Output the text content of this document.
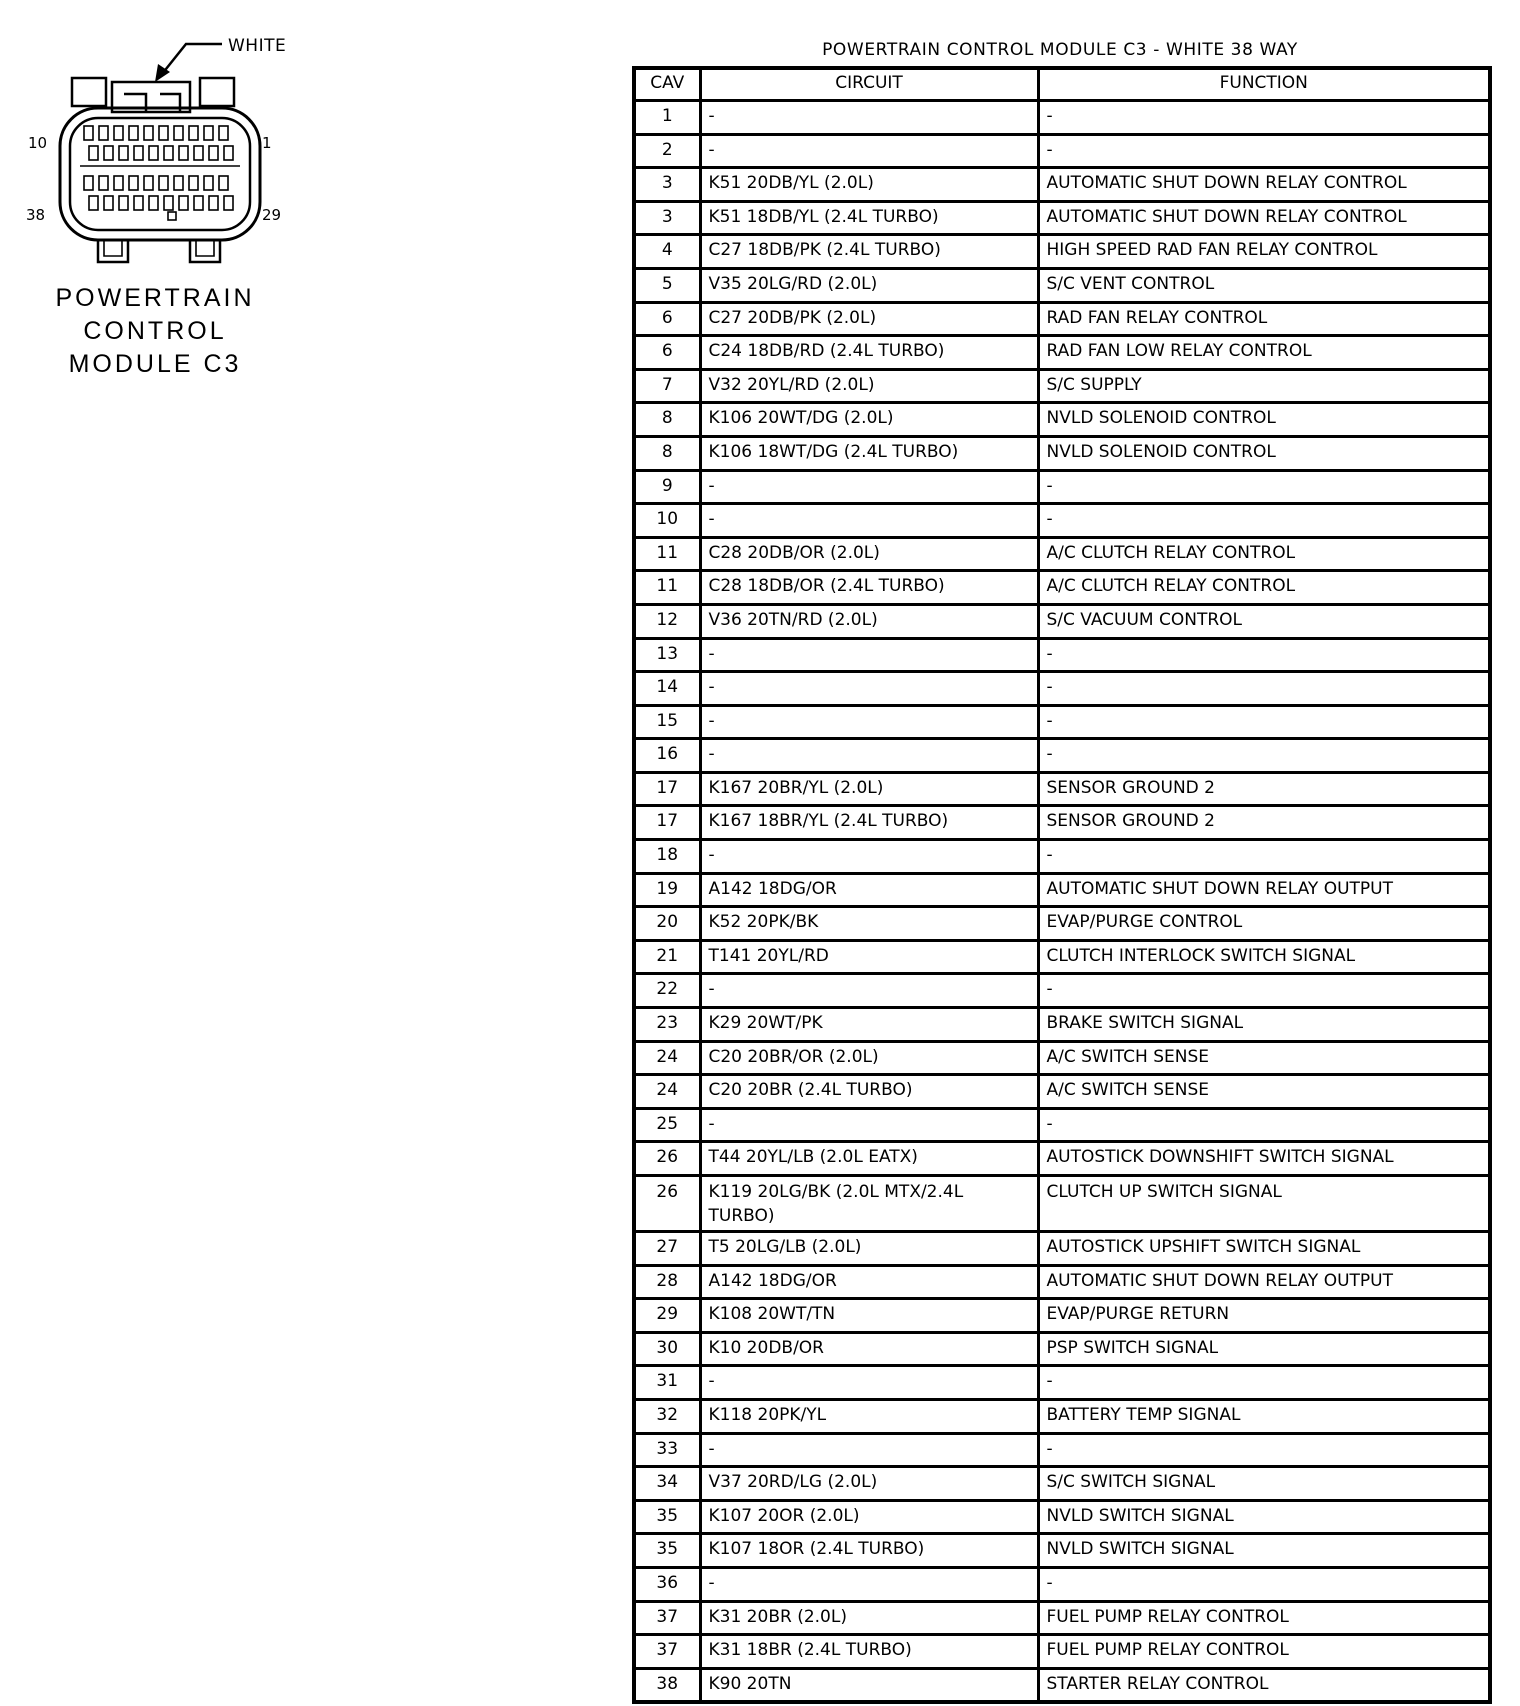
WHITE
10	1
38	29
POWERTRAIN
CONTROL
MODULE C3
POWERTRAIN CONTROL MODULE C3 - WHITE 38 WAY
CAV	CIRCUIT	FUNCTION
1	-	-

2	-	-

3	K51 20DB/YL (2.0L)	AUTOMATIC SHUT DOWN RELAY CONTROL

3	K51 18DB/YL (2.4L TURBO)	AUTOMATIC SHUT DOWN RELAY CONTROL

4	C27 18DB/PK (2.4L TURBO)	HIGH SPEED RAD FAN RELAY CONTROL

5	V35 20LG/RD (2.0L)	S/C VENT CONTROL

6	C27 20DB/PK (2.0L)	RAD FAN RELAY CONTROL

6	C24 18DB/RD (2.4L TURBO)	RAD FAN LOW RELAY CONTROL

7	V32 20YL/RD (2.0L)	S/C SUPPLY

8	K106 20WT/DG (2.0L)	NVLD SOLENOID CONTROL

8	K106 18WT/DG (2.4L TURBO)	NVLD SOLENOID CONTROL

9	-	-

10	-	-

11	C28 20DB/OR (2.0L)	A/C CLUTCH RELAY CONTROL

11	C28 18DB/OR (2.4L TURBO)	A/C CLUTCH RELAY CONTROL

12	V36 20TN/RD (2.0L)	S/C VACUUM CONTROL

13	-	-

14	-	-

15	-	-

16	-	-

17	K167 20BR/YL (2.0L)	SENSOR GROUND 2

17	K167 18BR/YL (2.4L TURBO)	SENSOR GROUND 2

18	-	-

19	A142 18DG/OR	AUTOMATIC SHUT DOWN RELAY OUTPUT

20	K52 20PK/BK	EVAP/PURGE CONTROL

21	T141 20YL/RD	CLUTCH INTERLOCK SWITCH SIGNAL

22	-	-

23	K29 20WT/PK	BRAKE SWITCH SIGNAL

24	C20 20BR/OR (2.0L)	A/C SWITCH SENSE

24	C20 20BR (2.4L TURBO)	A/C SWITCH SENSE

25	-	-

26	T44 20YL/LB (2.0L EATX)	AUTOSTICK DOWNSHIFT SWITCH SIGNAL

26	K119 20LG/BK (2.0L MTX/2.4L
TURBO)	CLUTCH UP SWITCH SIGNAL

27	T5 20LG/LB (2.0L)	AUTOSTICK UPSHIFT SWITCH SIGNAL

28	A142 18DG/OR	AUTOMATIC SHUT DOWN RELAY OUTPUT

29	K108 20WT/TN	EVAP/PURGE RETURN

30	K10 20DB/OR	PSP SWITCH SIGNAL

31	-	-

32	K118 20PK/YL	BATTERY TEMP SIGNAL

33	-	-

34	V37 20RD/LG (2.0L)	S/C SWITCH SIGNAL

35	K107 20OR (2.0L)	NVLD SWITCH SIGNAL

35	K107 18OR (2.4L TURBO)	NVLD SWITCH SIGNAL

36	-	-

37	K31 20BR (2.0L)	FUEL PUMP RELAY CONTROL

37	K31 18BR (2.4L TURBO)	FUEL PUMP RELAY CONTROL

38	K90 20TN	STARTER RELAY CONTROL
